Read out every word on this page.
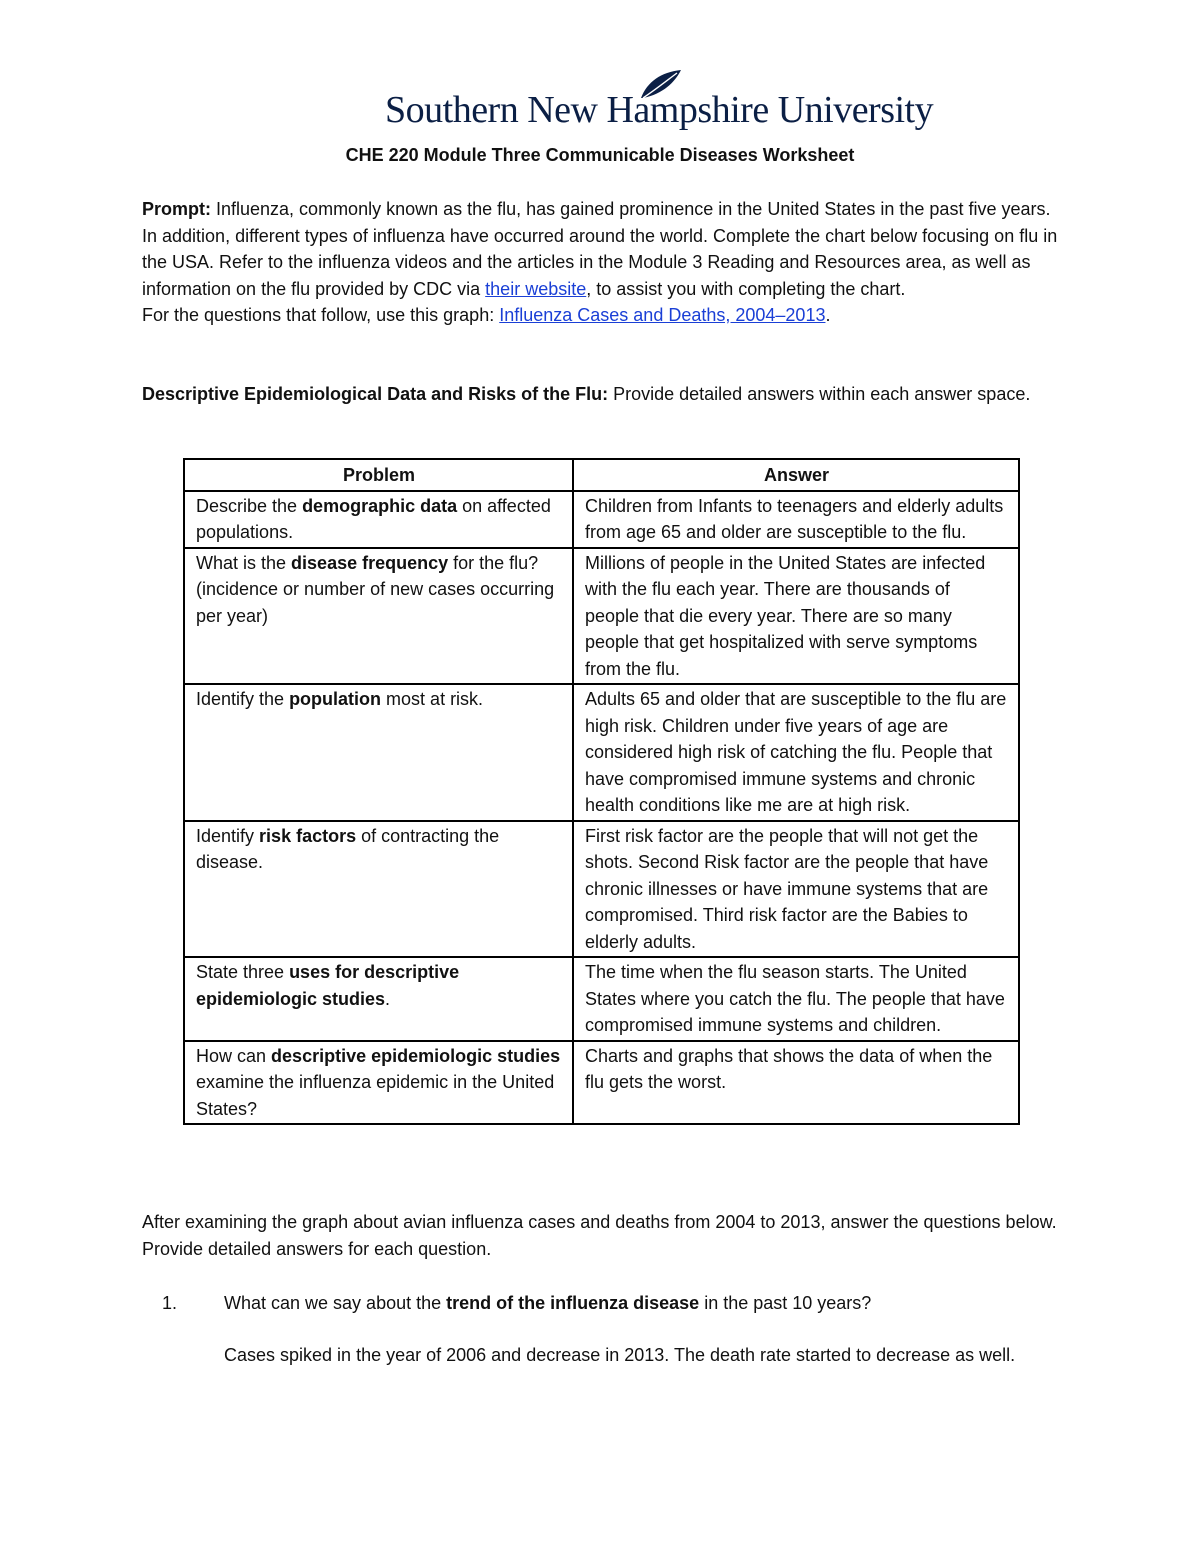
Southern New Hampshire University
CHE 220 Module Three Communicable Diseases Worksheet

Prompt: Influenza, commonly known as the flu, has gained prominence in the United States in the past five years. In addition, different types of influenza have occurred around the world. Complete the chart below focusing on flu in the USA. Refer to the influenza videos and the articles in the Module 3 Reading and Resources area, as well as information on the flu provided by CDC via their website, to assist you with completing the chart.

For the questions that follow, use this graph: Influenza Cases and Deaths, 2004–2013.

Descriptive Epidemiological Data and Risks of the Flu: Provide detailed answers within each answer space.

Problem	Answer
Describe the demographic data on affected populations.	Children from Infants to teenagers and elderly adults from age 65 and older are susceptible to the flu.
What is the disease frequency for the flu? (incidence or number of new cases occurring per year)	Millions of people in the United States are infected with the flu each year. There are thousands of people that die every year. There are so many people that get hospitalized with serve symptoms from the flu.
Identify the population most at risk.	Adults 65 and older that are susceptible to the flu are high risk. Children under five years of age are considered high risk of catching the flu. People that have compromised immune systems and chronic health conditions like me are at high risk.
Identify risk factors of contracting the disease.	First risk factor are the people that will not get the shots. Second Risk factor are the people that have chronic illnesses or have immune systems that are compromised. Third risk factor are the Babies to elderly adults.
State three uses for descriptive epidemiologic studies.	The time when the flu season starts. The United States where you catch the flu. The people that have compromised immune systems and children.
How can descriptive epidemiologic studies examine the influenza epidemic in the United States?	Charts and graphs that shows the data of when the flu gets the worst.
After examining the graph about avian influenza cases and deaths from 2004 to 2013, answer the questions below. Provide detailed answers for each question.
1.	What can we say about the trend of the influenza disease in the past 10 years?
Cases spiked in the year of 2006 and decrease in 2013. The death rate started to decrease as well.
